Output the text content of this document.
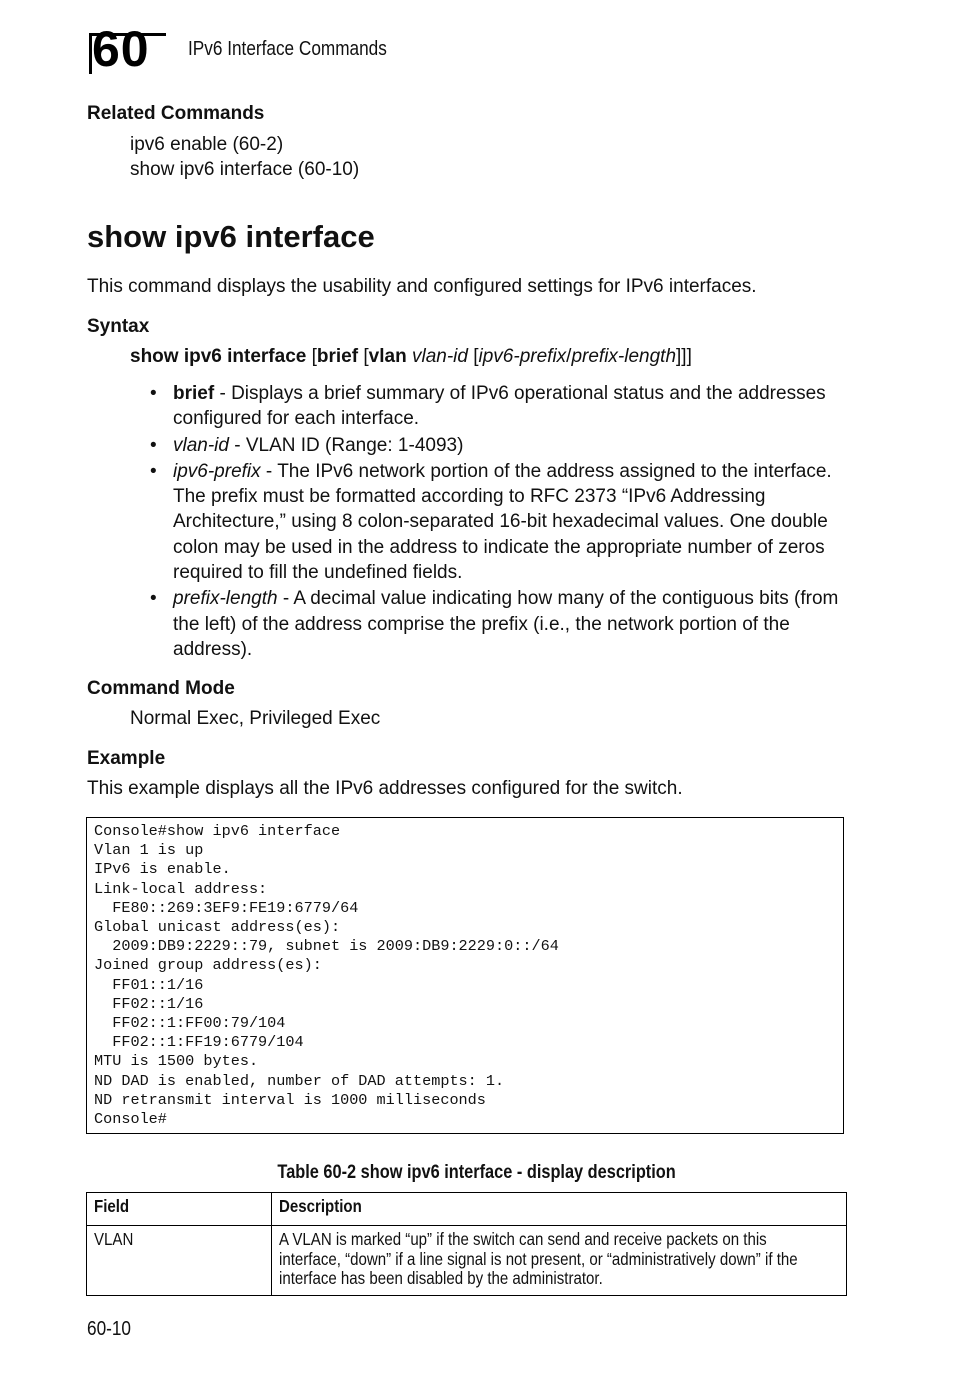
60 IPv6 Interface Commands
Related Commands
ipv6 enable (60-2)
show ipv6 interface (60-10)
show ipv6 interface
This command displays the usability and configured settings for IPv6 interfaces.
Syntax
show ipv6 interface [brief [vlan vlan-id [ipv6-prefix/prefix-length]]]
• brief - Displays a brief summary of IPv6 operational status and the addresses configured for each interface.
• vlan-id - VLAN ID (Range: 1-4093)
• ipv6-prefix - The IPv6 network portion of the address assigned to the interface. The prefix must be formatted according to RFC 2373 “IPv6 Addressing Architecture,” using 8 colon-separated 16-bit hexadecimal values. One double colon may be used in the address to indicate the appropriate number of zeros required to fill the undefined fields.
• prefix-length - A decimal value indicating how many of the contiguous bits (from the left) of the address comprise the prefix (i.e., the network portion of the address).
Command Mode
Normal Exec, Privileged Exec
Example
This example displays all the IPv6 addresses configured for the switch.
Console#show ipv6 interface
Vlan 1 is up
IPv6 is enable.
Link-local address:
FE80::269:3EF9:FE19:6779/64
Global unicast address(es):
2009:DB9:2229::79, subnet is 2009:DB9:2229:0::/64
Joined group address(es):
FF01::1/16
FF02::1/16
FF02::1:FF00:79/104
FF02::1:FF19:6779/104
MTU is 1500 bytes.
ND DAD is enabled, number of DAD attempts: 1.
ND retransmit interval is 1000 milliseconds
Console#
Table 60-2 show ipv6 interface - display description
Field	Description
VLAN	A VLAN is marked “up” if the switch can send and receive packets on this
interface, “down” if a line signal is not present, or “administratively down” if the
interface has been disabled by the administrator.
60-10
